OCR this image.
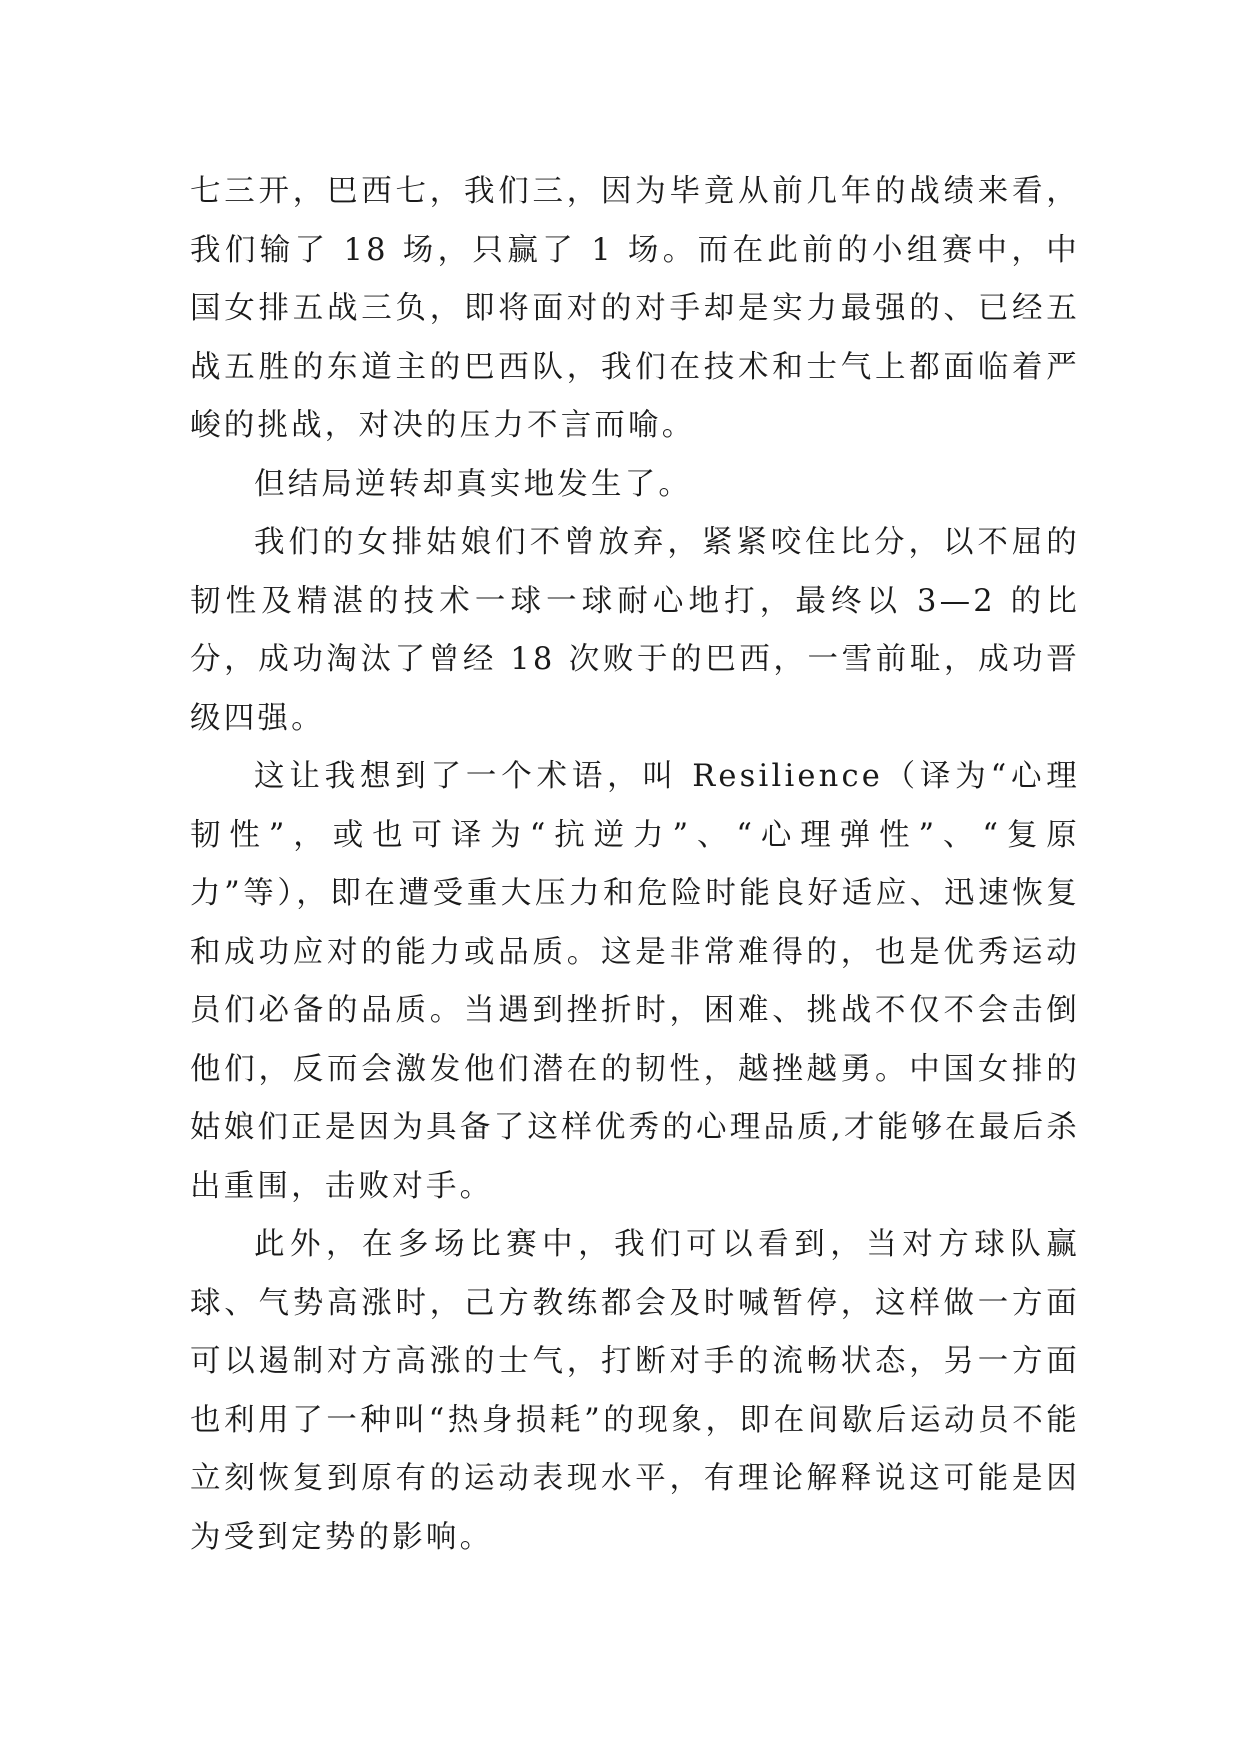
七三开，巴西七，我们三，因为毕竟从前几年的战绩来看，我们输了 18 场，只赢了 1 场。而在此前的小组赛中，中国女排五战三负，即将面对的对手却是实力最强的、已经五战五胜的东道主的巴西队，我们在技术和士气上都面临着严峻的挑战，对决的压力不言而喻。

但结局逆转却真实地发生了。

我们的女排姑娘们不曾放弃，紧紧咬住比分，以不屈的韧性及精湛的技术一球一球耐心地打，最终以 3—2 的比分，成功淘汰了曾经 18 次败于的巴西，一雪前耻，成功晋级四强。

这让我想到了一个术语，叫 Resilience（译为“心理韧性”，或也可译为“抗逆力”、“心理弹性”、“复原力”等），即在遭受重大压力和危险时能良好适应、迅速恢复和成功应对的能力或品质。这是非常难得的，也是优秀运动员们必备的品质。当遇到挫折时，困难、挑战不仅不会击倒他们，反而会激发他们潜在的韧性，越挫越勇。中国女排的姑娘们正是因为具备了这样优秀的心理品质,才能够在最后杀出重围，击败对手。

此外，在多场比赛中，我们可以看到，当对方球队赢球、气势高涨时，己方教练都会及时喊暂停，这样做一方面可以遏制对方高涨的士气，打断对手的流畅状态，另一方面也利用了一种叫“热身损耗”的现象，即在间歇后运动员不能立刻恢复到原有的运动表现水平，有理论解释说这可能是因为受到定势的影响。
